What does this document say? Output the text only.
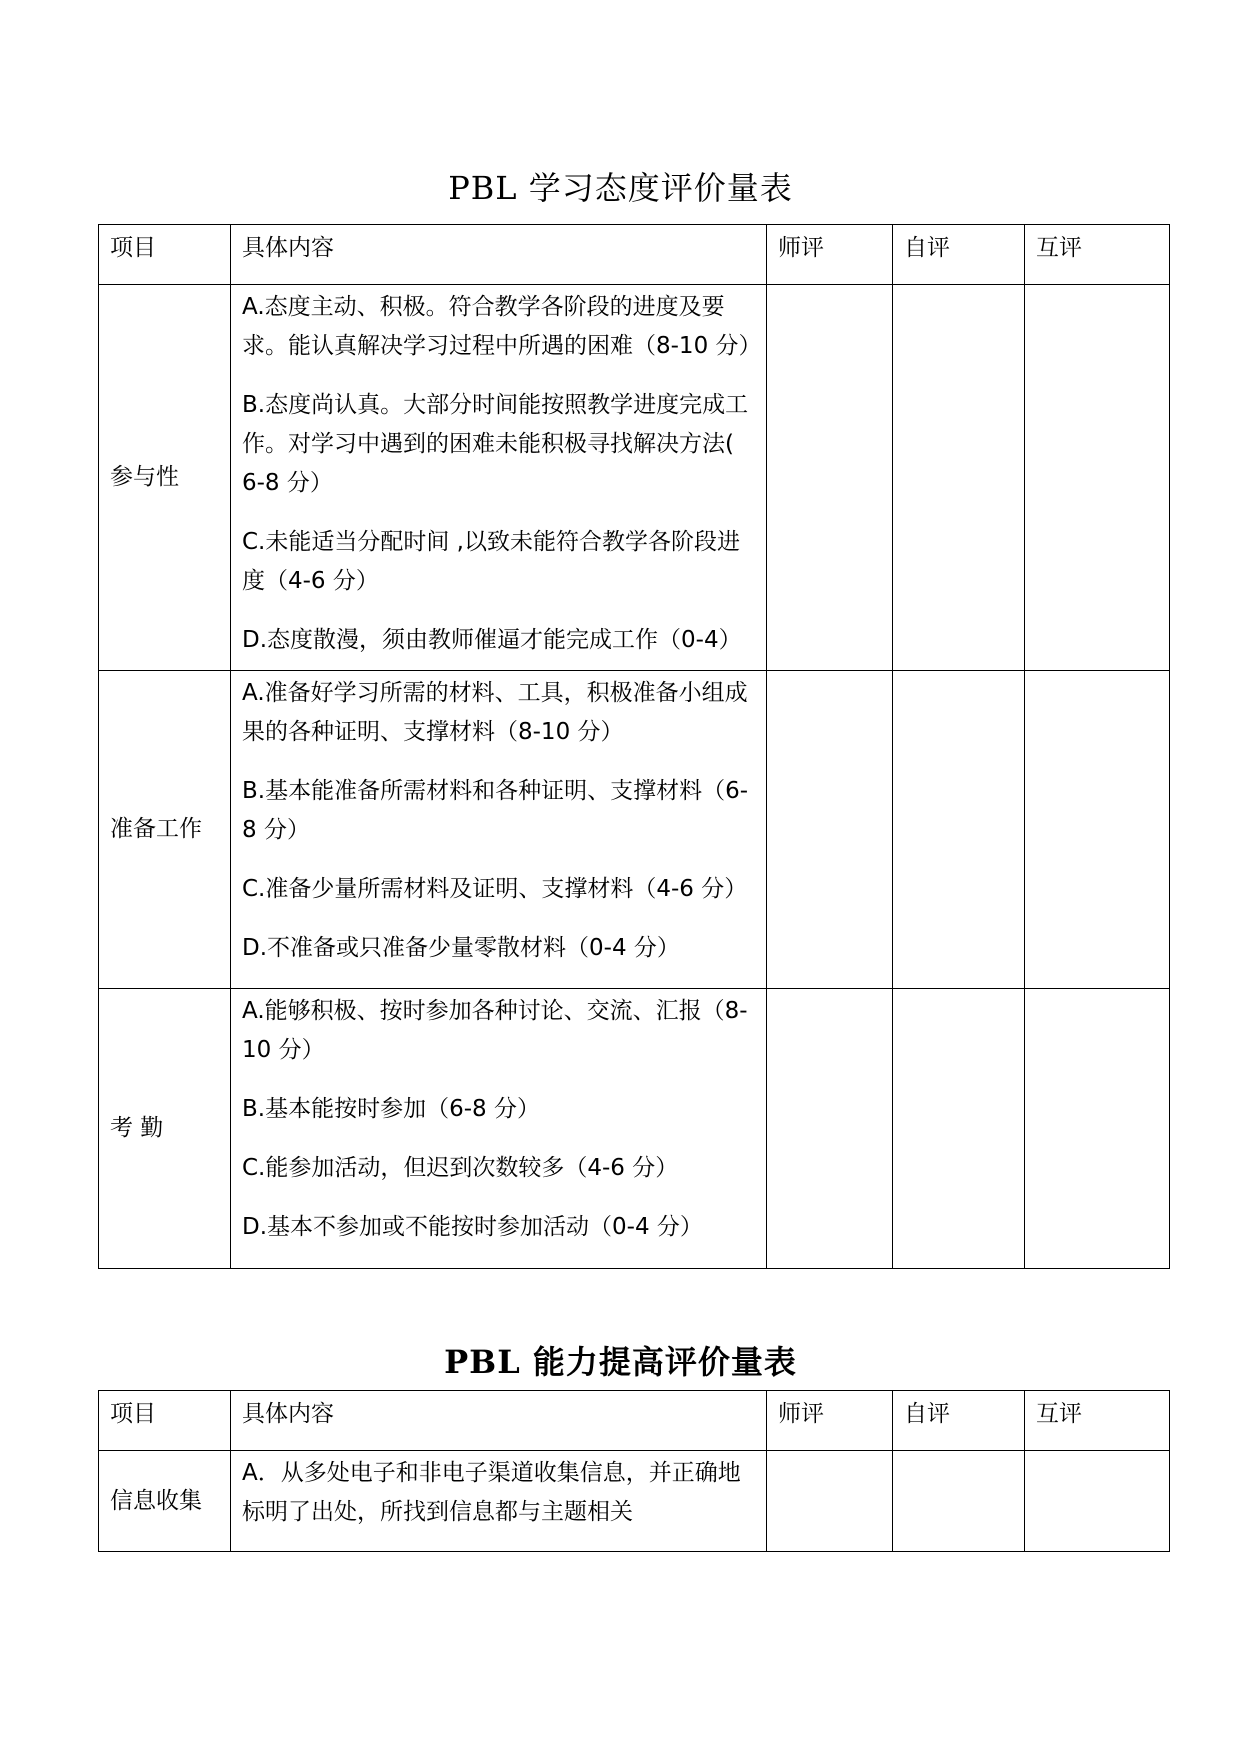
PBL 学习态度评价量表
项目	具体内容	师评	自评	互评
参与性	A.态度主动、积极。符合教学各阶段的进度及要求。能认真解决学习过程中所遇的困难（8-10 分）
B.态度尚认真。大部分时间能按照教学进度完成工作。对学习中遇到的困难未能积极寻找解决方法( 6-8 分）
C.未能适当分配时间 ,以致未能符合教学各阶段进度（4-6 分）
D.态度散漫，须由教师催逼才能完成工作（0-4）			

准备工作	A.准备好学习所需的材料、工具，积极准备小组成果的各种证明、支撑材料（8-10 分）
B.基本能准备所需材料和各种证明、支撑材料（6-8 分）
C.准备少量所需材料及证明、支撑材料（4-6 分）
D.不准备或只准备少量零散材料（0-4 分）			

考 勤	A.能够积极、按时参加各种讨论、交流、汇报（8-10 分）
B.基本能按时参加（6-8 分）
C.能参加活动，但迟到次数较多（4-6 分）
D.基本不参加或不能按时参加活动（0-4 分）			

PBL 能力提高评价量表
项目	具体内容	师评	自评	互评
信息收集	A．从多处电子和非电子渠道收集信息，并正确地标明了出处，所找到信息都与主题相关			
